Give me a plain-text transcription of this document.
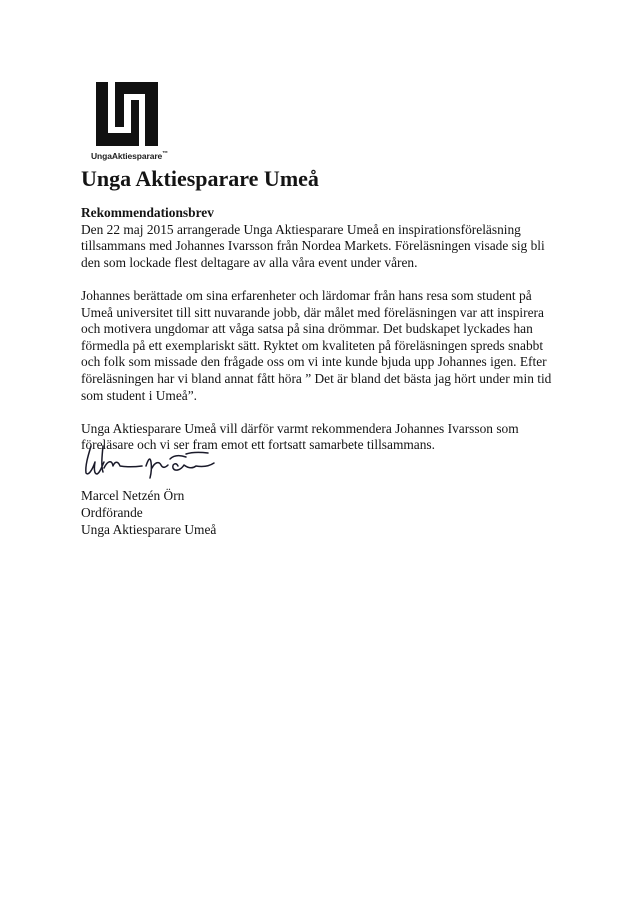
UngaAktiesparare™
Unga Aktiesparare Umeå
Rekommendationsbrev

Den 22 maj 2015 arrangerade Unga Aktiesparare Umeå en inspirationsföreläsning tillsammans med Johannes Ivarsson från Nordea Markets. Föreläsningen visade sig bli den som lockade flest deltagare av alla våra event under våren.

Johannes berättade om sina erfarenheter och lärdomar från hans resa som student på Umeå universitet till sitt nuvarande jobb, där målet med föreläsningen var att inspirera och motivera ungdomar att våga satsa på sina drömmar. Det budskapet lyckades han förmedla på ett exemplariskt sätt. Ryktet om kvaliteten på föreläsningen spreds snabbt och folk som missade den frågade oss om vi inte kunde bjuda upp Johannes igen. Efter föreläsningen har vi bland annat fått höra ” Det är bland det bästa jag hört under min tid som student i Umeå”.

Unga Aktiesparare Umeå vill därför varmt rekommendera Johannes Ivarsson som föreläsare och vi ser fram emot ett fortsatt samarbete tillsammans.

Marcel Netzén Örn
Ordförande
Unga Aktiesparare Umeå
